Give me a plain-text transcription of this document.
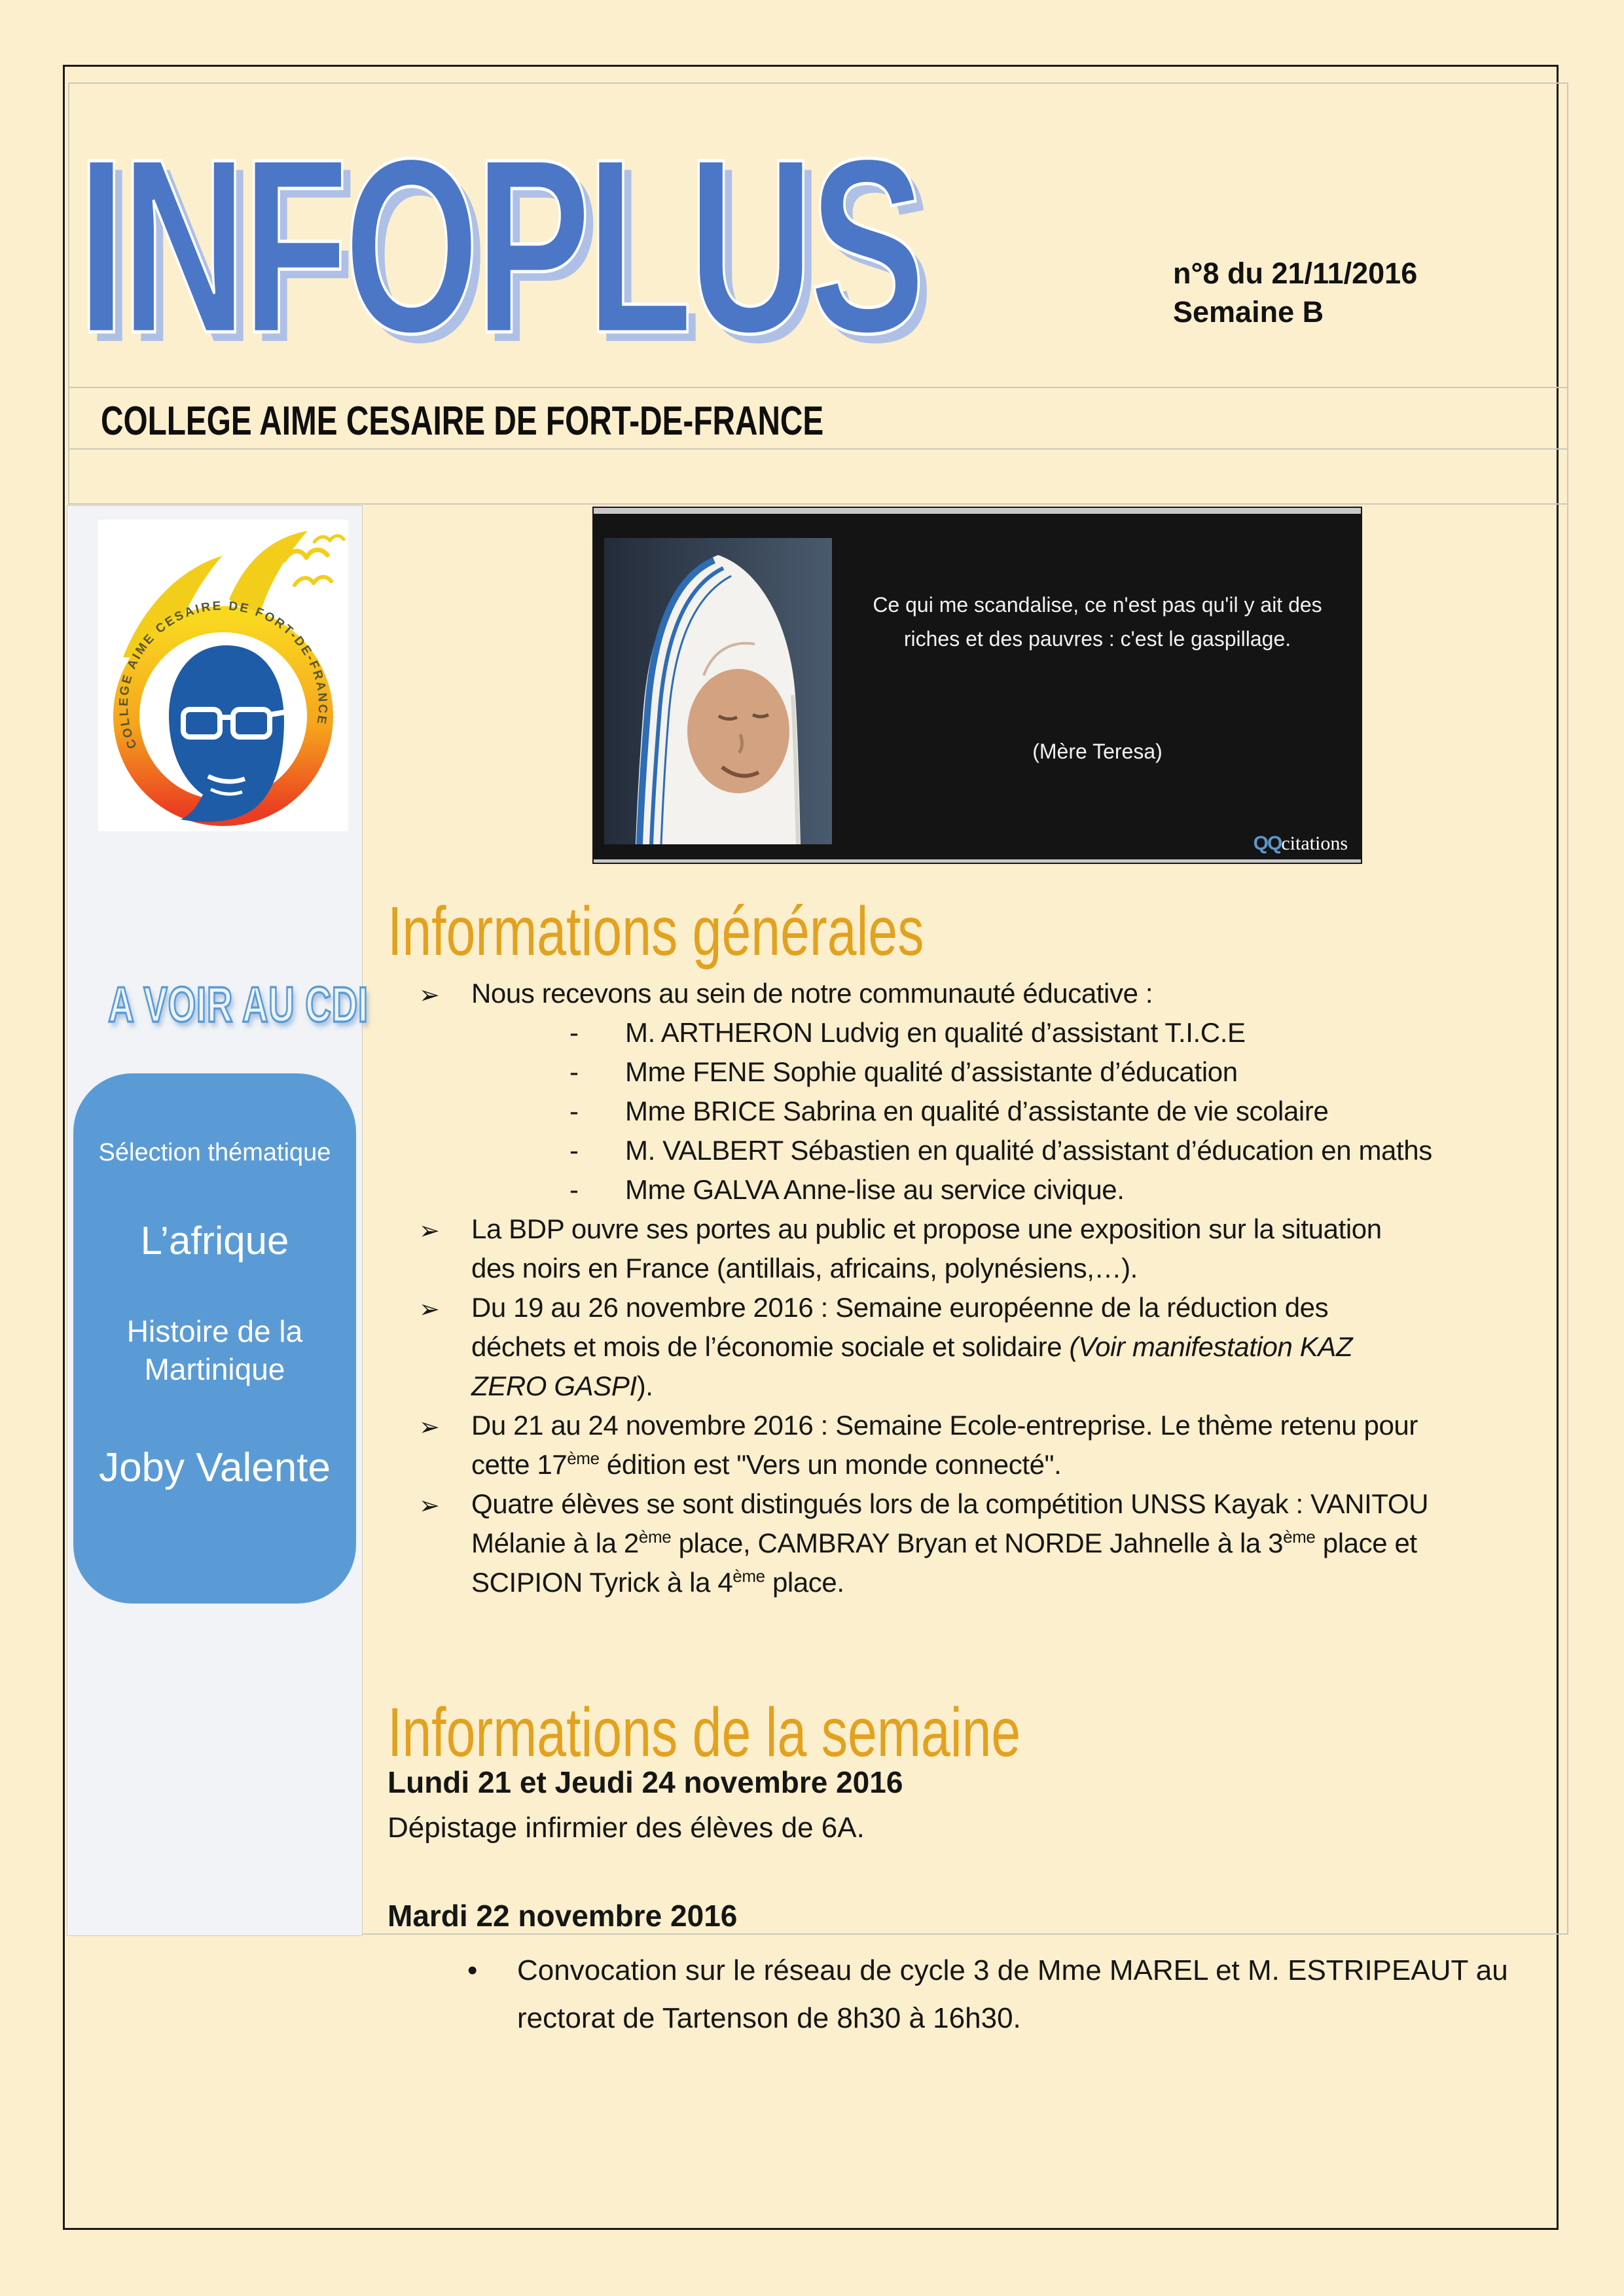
INFOPLUS	n°8 du 21/11/2016
Semaine B
COLLEGE AIME CESAIRE DE FORT-DE-FRANCE
COLLEGE AIME CESAIRE DE FORT-DE-FRANCE
A VOIR AU CDI
Sélection thématique
L’afrique
Histoire de la
Martinique
Joby Valente
Ce qui me scandalise, ce n'est pas qu'il y ait des
riches et des pauvres : c'est le gaspillage.
(Mère Teresa)
QQcitations
Informations générales
➢ Nous recevons au sein de notre communauté éducative :
- M. ARTHERON Ludvig en qualité d’assistant T.I.C.E
- Mme FENE Sophie qualité d’assistante d’éducation
- Mme BRICE Sabrina en qualité d’assistante de vie scolaire
- M. VALBERT Sébastien en qualité d’assistant d’éducation en maths
- Mme GALVA Anne-lise au service civique.
➢ La BDP ouvre ses portes au public et propose une exposition sur la situation
des noirs en France (antillais, africains, polynésiens,…).
➢ Du 19 au 26 novembre 2016 : Semaine européenne de la réduction des
déchets et mois de l’économie sociale et solidaire (Voir manifestation KAZ
ZERO GASPI).
➢ Du 21 au 24 novembre 2016 : Semaine Ecole-entreprise. Le thème retenu pour
cette 17ème édition est "Vers un monde connecté".
➢ Quatre élèves se sont distingués lors de la compétition UNSS Kayak : VANITOU
Mélanie à la 2ème place, CAMBRAY Bryan et NORDE Jahnelle à la 3ème place et
SCIPION Tyrick à la 4ème place.
Informations de la semaine
Lundi 21 et Jeudi 24 novembre 2016
Dépistage infirmier des élèves de 6A.
Mardi 22 novembre 2016
• Convocation sur le réseau de cycle 3 de Mme MAREL et M. ESTRIPEAUT au
rectorat de Tartenson de 8h30 à 16h30.
